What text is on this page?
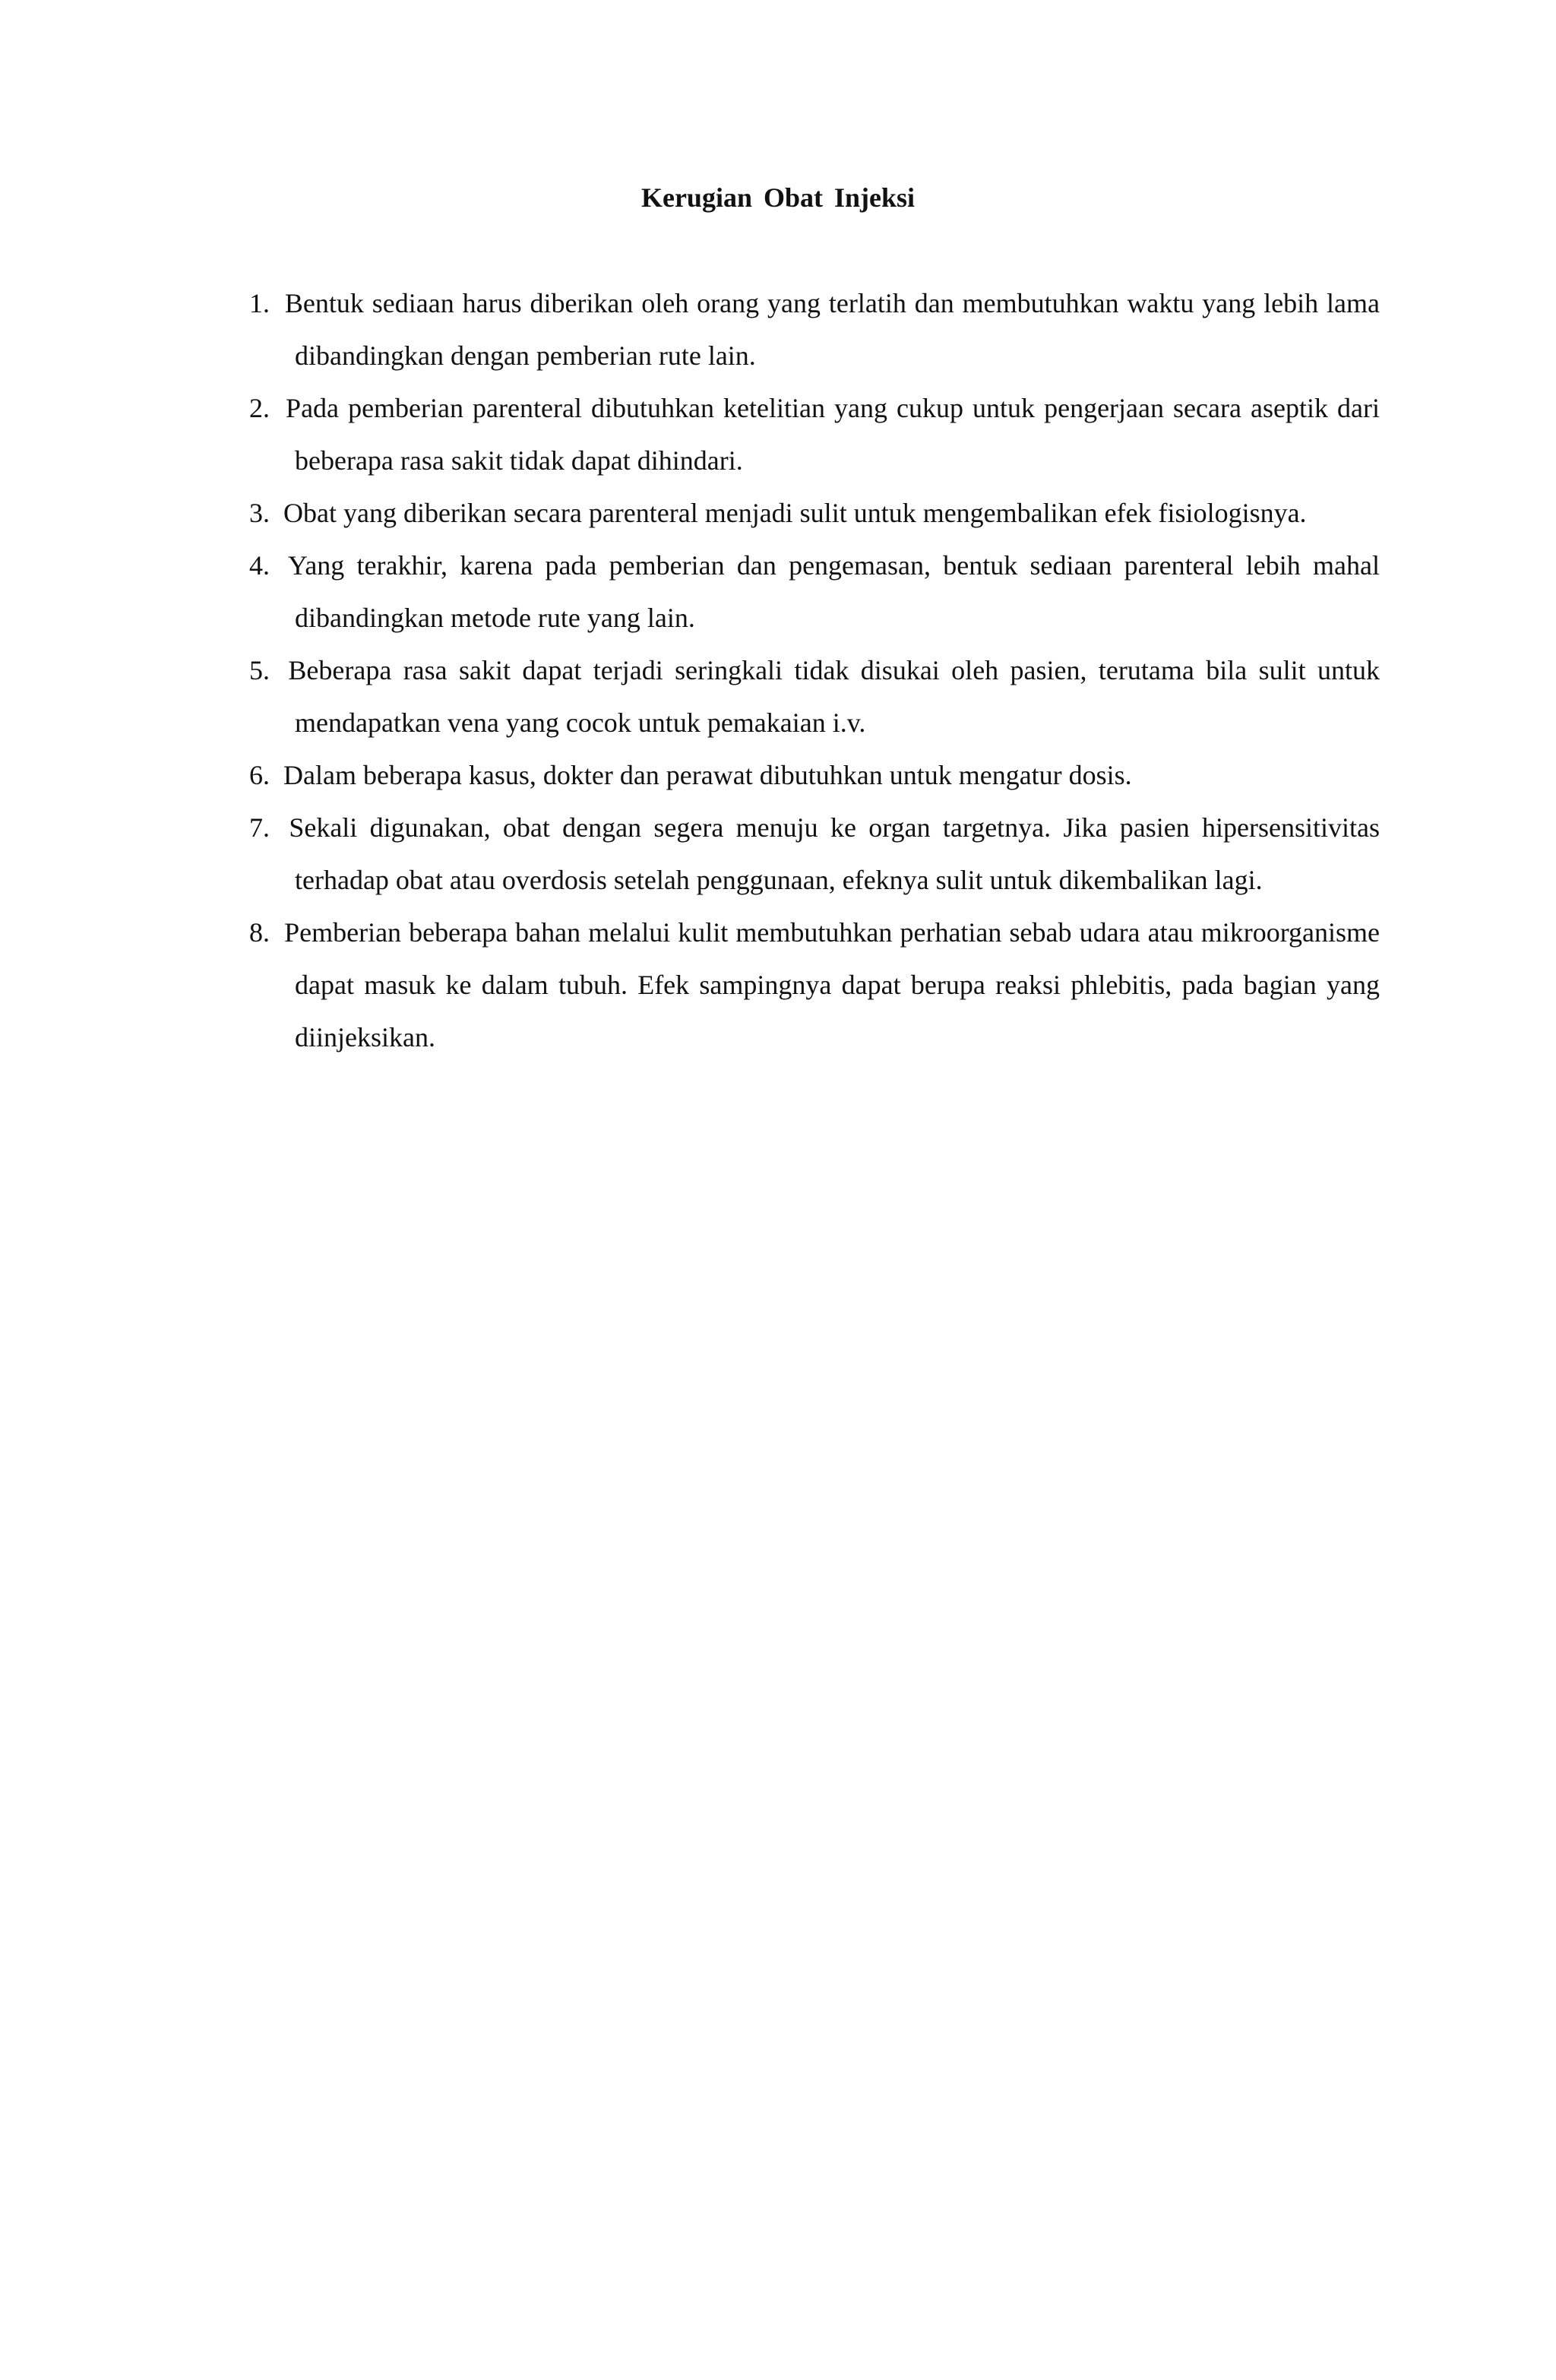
Kerugian Obat Injeksi
1.  Bentuk sediaan harus diberikan oleh orang yang terlatih dan membutuhkan waktu yang lebih lama dibandingkan dengan pemberian rute lain.
2.  Pada pemberian parenteral dibutuhkan ketelitian yang cukup untuk pengerjaan secara aseptik dari beberapa rasa sakit tidak dapat dihindari.
3.  Obat yang diberikan secara parenteral menjadi sulit untuk mengembalikan efek fisiologisnya.
4.  Yang terakhir, karena pada pemberian dan pengemasan, bentuk sediaan parenteral lebih mahal dibandingkan metode rute yang lain.
5.  Beberapa rasa sakit dapat terjadi seringkali tidak disukai oleh pasien, terutama bila sulit untuk mendapatkan vena yang cocok untuk pemakaian i.v.
6.  Dalam beberapa kasus, dokter dan perawat dibutuhkan untuk mengatur dosis.
7.  Sekali digunakan, obat dengan segera menuju ke organ targetnya. Jika pasien hipersensitivitas terhadap obat atau overdosis setelah penggunaan, efeknya sulit untuk dikembalikan lagi.
8.  Pemberian beberapa bahan melalui kulit membutuhkan perhatian sebab udara atau mikroorganisme dapat masuk ke dalam tubuh. Efek sampingnya dapat berupa reaksi phlebitis, pada bagian yang diinjeksikan.
